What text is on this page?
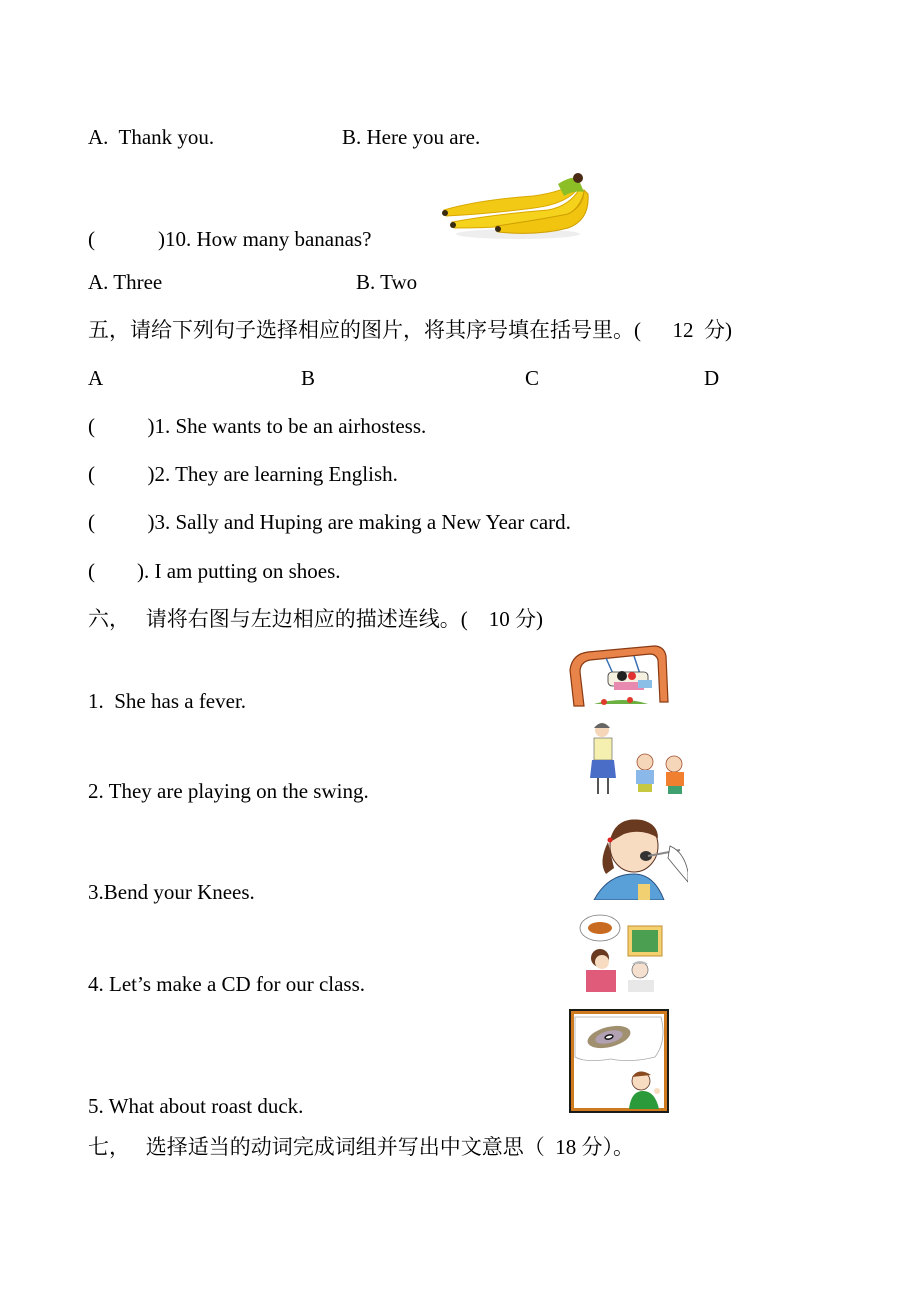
A.  Thank you.	B. Here you are.
(            )10. How many bananas?
A. Three	B. Two
五，请给下列句子选择相应的图片，将其序号填在括号里。(      12  分)
A	B	C	D
(          )1. She wants to be an airhostess.
(          )2. They are learning English.
(          )3. Sally and Huping are making a New Year card.
(        ). I am putting on shoes.
六，   请将右图与左边相应的描述连线。(    10 分)
1.  She has a fever.
2. They are playing on the swing.
3.Bend your Knees.
4. Let’s make a CD for our class.
5. What about roast duck.
七，   选择适当的动词完成词组并写出中文意思（  18 分）。
